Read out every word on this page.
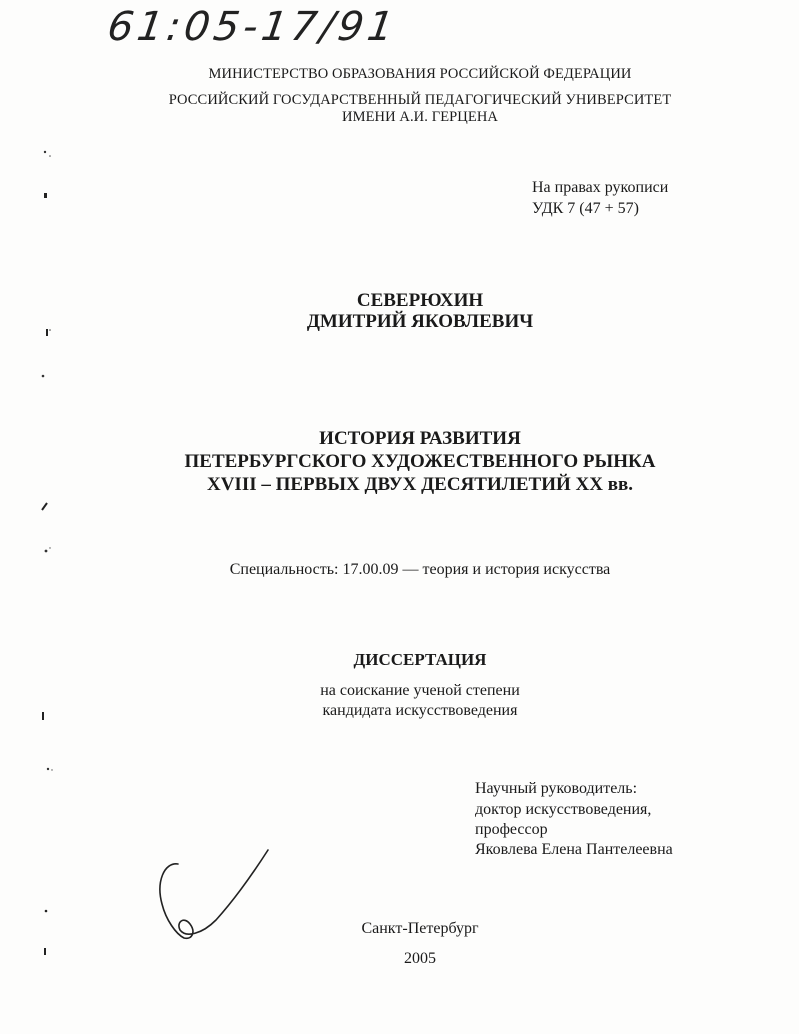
61:05-17/91
МИНИСТЕРСТВО ОБРАЗОВАНИЯ РОССИЙСКОЙ ФЕДЕРАЦИИ
РОССИЙСКИЙ ГОСУДАРСТВЕННЫЙ ПЕДАГОГИЧЕСКИЙ УНИВЕРСИТЕТ
ИМЕНИ А.И. ГЕРЦЕНА
На правах рукописи
УДК 7 (47 + 57)
СЕВЕРЮХИН
ДМИТРИЙ ЯКОВЛЕВИЧ
ИСТОРИЯ РАЗВИТИЯ
ПЕТЕРБУРГСКОГО ХУДОЖЕСТВЕННОГО РЫНКА
XVIII – ПЕРВЫХ ДВУХ ДЕСЯТИЛЕТИЙ XX вв.
Специальность: 17.00.09 — теория и история искусства
ДИССЕРТАЦИЯ
на соискание ученой степени
кандидата искусствоведения
Научный руководитель:
доктор искусствоведения,
профессор
Яковлева Елена Пантелеевна
Санкт-Петербург
2005
